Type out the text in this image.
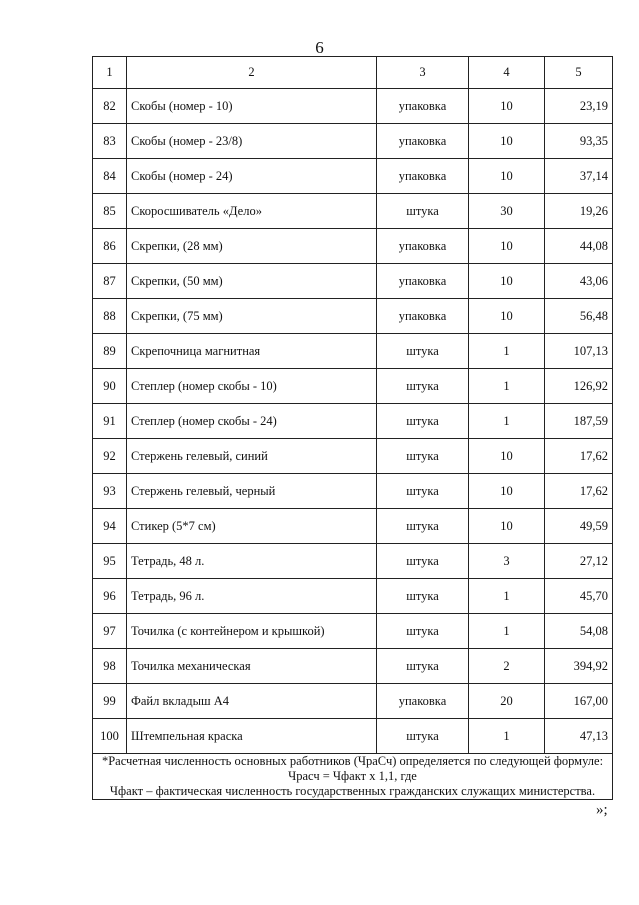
6
1	2	3	4	5
82	Скобы (номер - 10)	упаковка	10	23,19
83	Скобы (номер - 23/8)	упаковка	10	93,35
84	Скобы (номер - 24)	упаковка	10	37,14
85	Скоросшиватель «Дело»	штука	30	19,26
86	Скрепки, (28 мм)	упаковка	10	44,08
87	Скрепки, (50 мм)	упаковка	10	43,06
88	Скрепки, (75 мм)	упаковка	10	56,48
89	Скрепочница магнитная	штука	1	107,13
90	Степлер (номер скобы - 10)	штука	1	126,92
91	Степлер (номер скобы - 24)	штука	1	187,59
92	Стержень гелевый, синий	штука	10	17,62
93	Стержень гелевый, черный	штука	10	17,62
94	Стикер (5*7 см)	штука	10	49,59
95	Тетрадь, 48 л.	штука	3	27,12
96	Тетрадь, 96 л.	штука	1	45,70
97	Точилка (с контейнером и крышкой)	штука	1	54,08
98	Точилка механическая	штука	2	394,92
99	Файл вкладыш А4	упаковка	20	167,00
100	Штемпельная краска	штука	1	47,13

*Расчетная численность основных работников (ЧраСч) определяется по следующей формуле:
Чрасч = Чфакт х 1,1, где
Чфакт – фактическая численность государственных гражданских служащих министерства.				
»;
